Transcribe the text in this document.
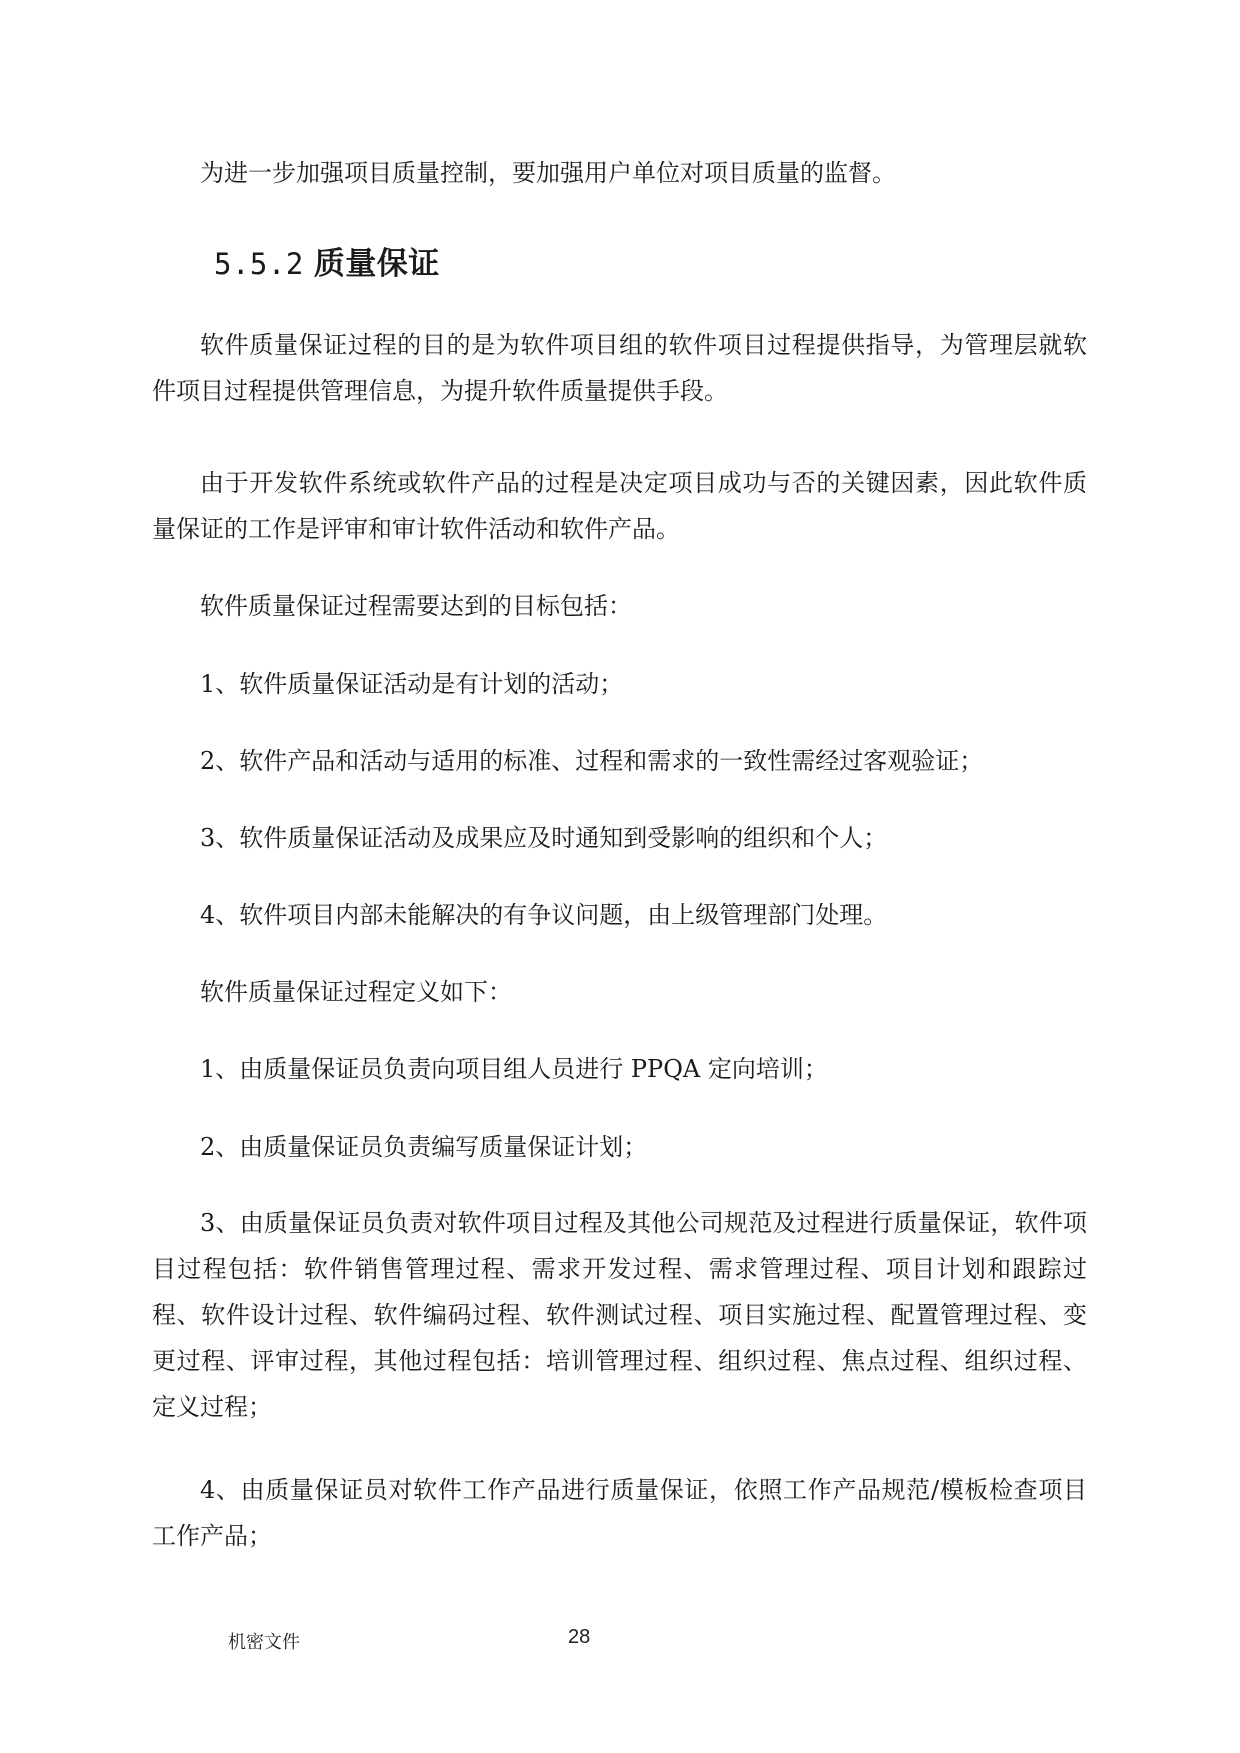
为进一步加强项目质量控制，要加强用户单位对项目质量的监督。

5.5.2 质量保证

软件质量保证过程的目的是为软件项目组的软件项目过程提供指导，为管理层就软件项目过程提供管理信息，为提升软件质量提供手段。

由于开发软件系统或软件产品的过程是决定项目成功与否的关键因素，因此软件质量保证的工作是评审和审计软件活动和软件产品。

软件质量保证过程需要达到的目标包括：

1、软件质量保证活动是有计划的活动；

2、软件产品和活动与适用的标准、过程和需求的一致性需经过客观验证；

3、软件质量保证活动及成果应及时通知到受影响的组织和个人；

4、软件项目内部未能解决的有争议问题，由上级管理部门处理。

软件质量保证过程定义如下：

1、由质量保证员负责向项目组人员进行 PPQA 定向培训；

2、由质量保证员负责编写质量保证计划；

3、由质量保证员负责对软件项目过程及其他公司规范及过程进行质量保证，软件项目过程包括：软件销售管理过程、需求开发过程、需求管理过程、项目计划和跟踪过程、软件设计过程、软件编码过程、软件测试过程、项目实施过程、配置管理过程、变更过程、评审过程，其他过程包括：培训管理过程、组织过程、焦点过程、组织过程、定义过程；

4、由质量保证员对软件工作产品进行质量保证，依照工作产品规范/模板检查项目工作产品；

机密文件	28
